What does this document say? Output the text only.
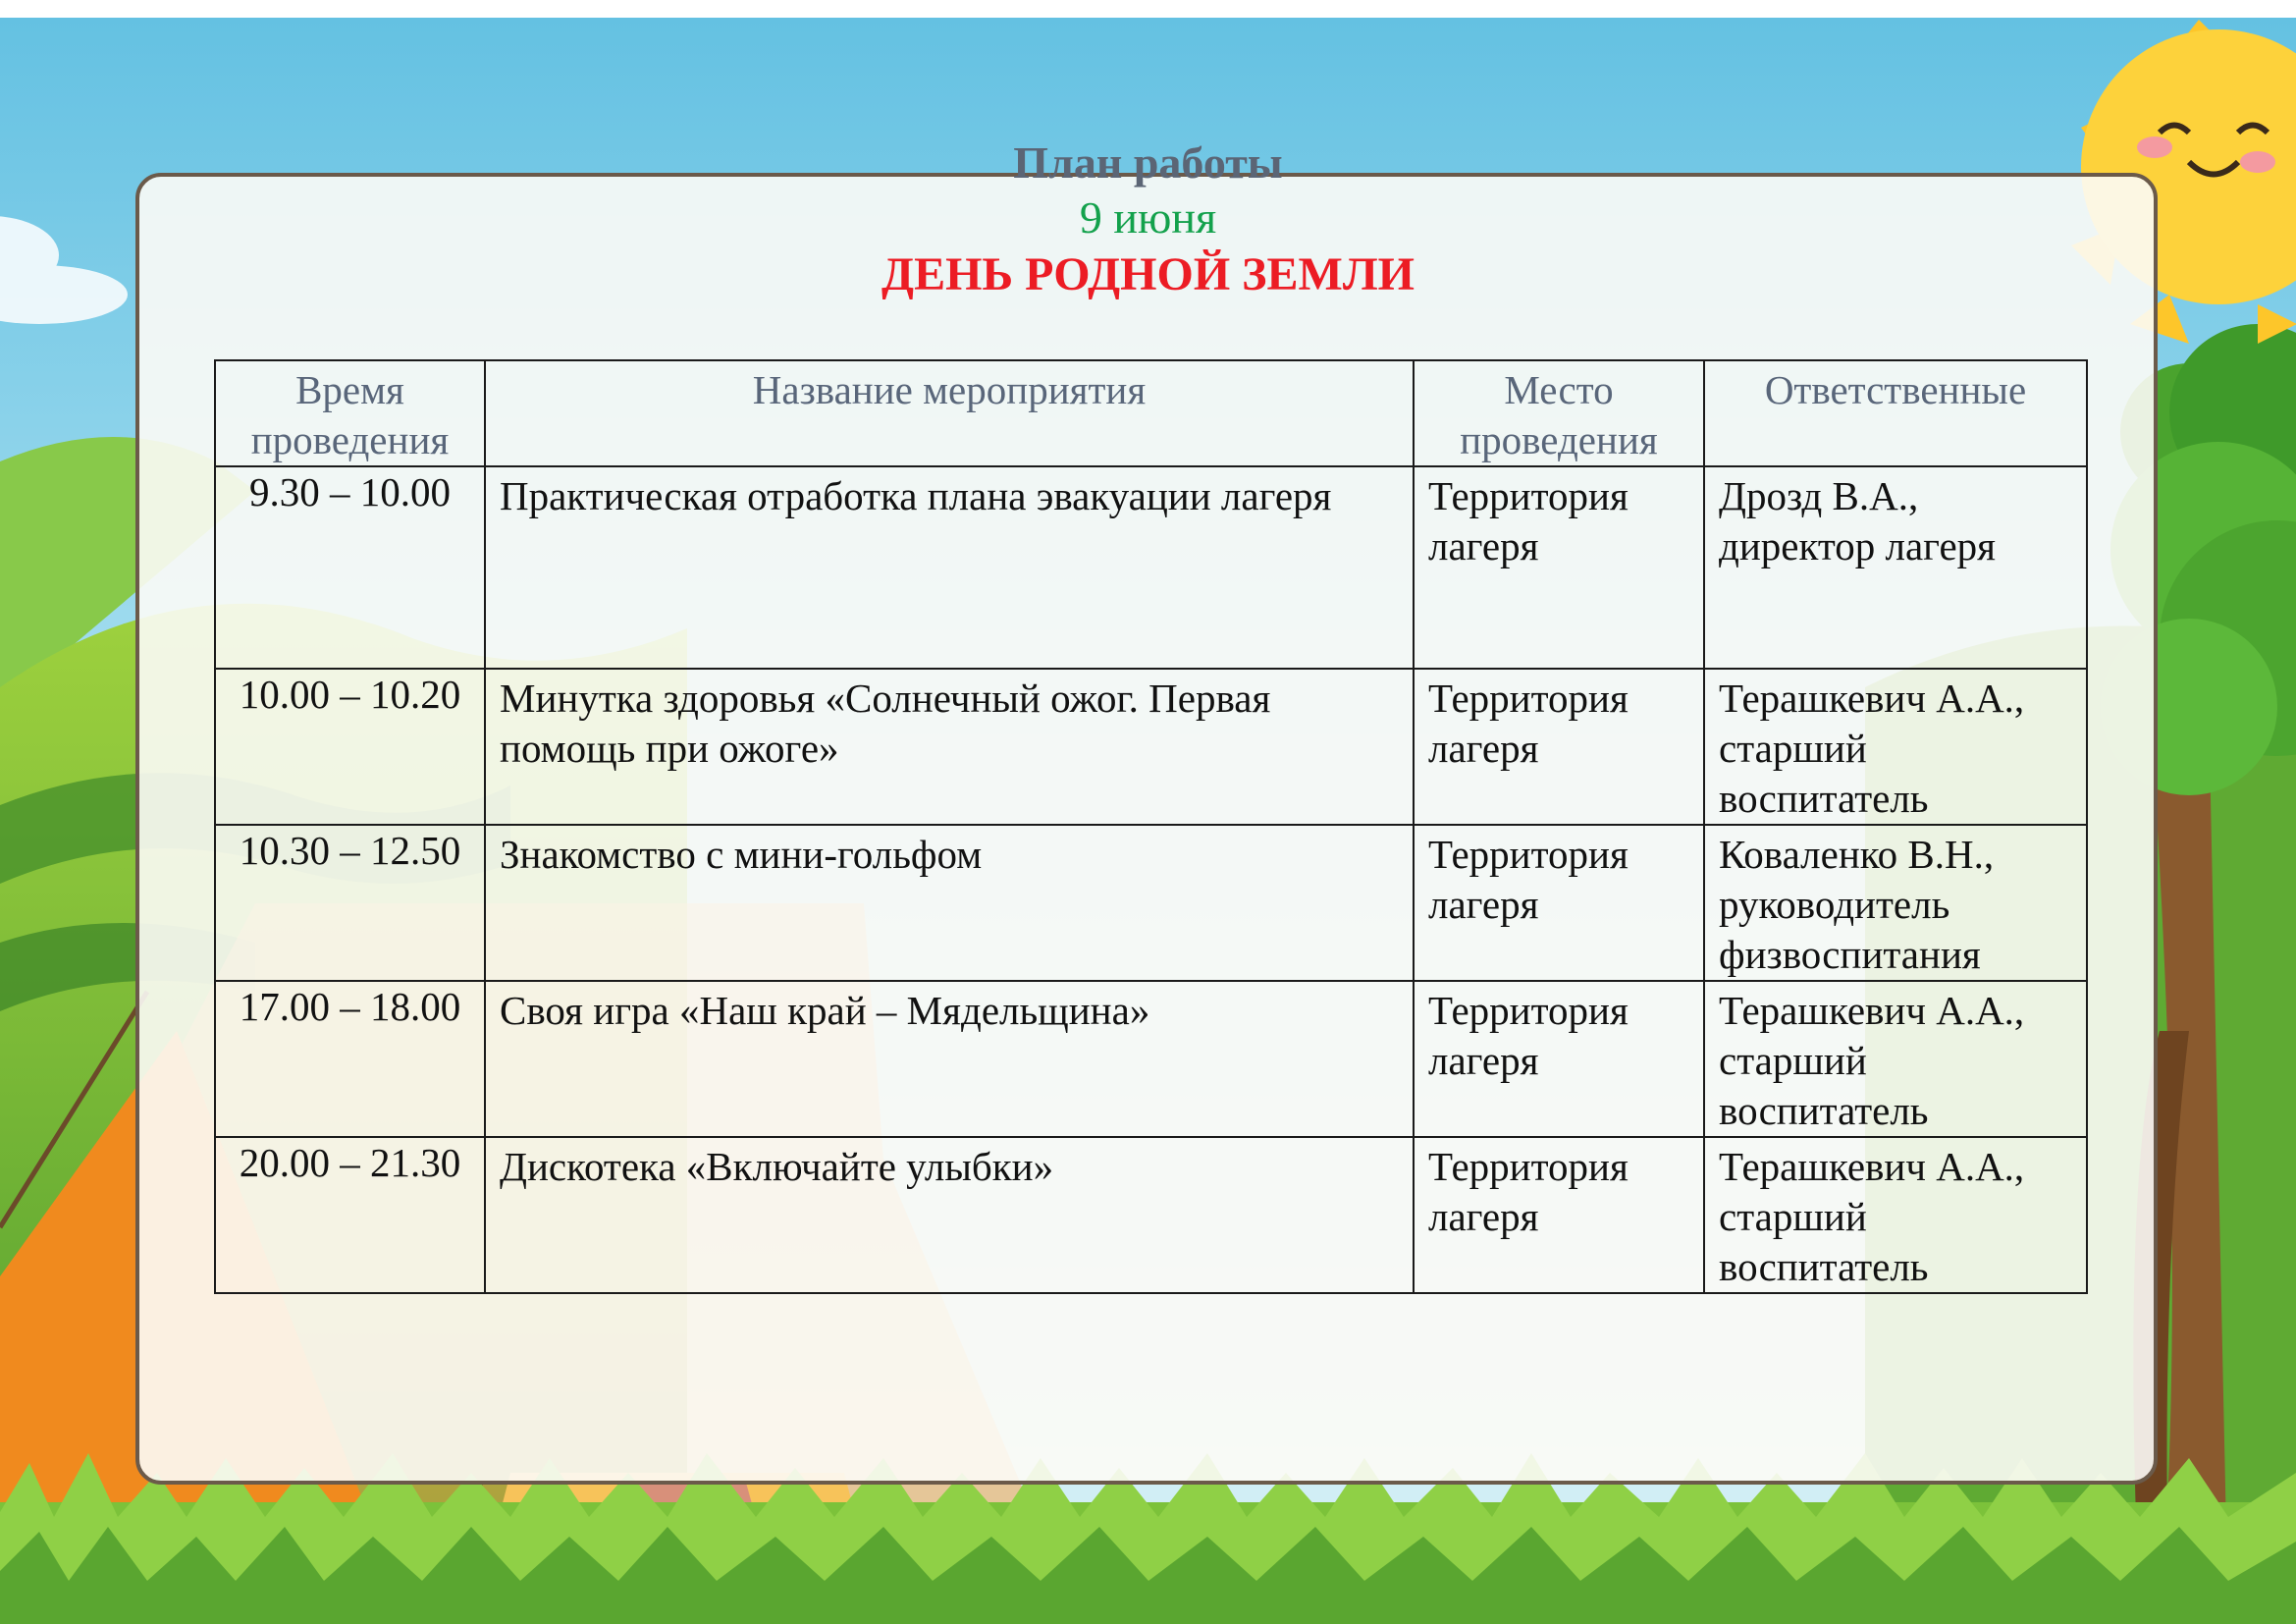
План работы
9 июня
ДЕНЬ РОДНОЙ ЗЕМЛИ
Время проведения	Название мероприятия	Место проведения	Ответственные
9.30 – 10.00	Практическая отработка плана эвакуации лагеря	Территория лагеря	Дрозд В.А., директор лагеря
10.00 – 10.20	Минутка здоровья «Солнечный ожог. Первая помощь при ожоге»	Территория лагеря	Терашкевич А.А., старший воспитатель
10.30 – 12.50	Знакомство с мини-гольфом	Территория лагеря	Коваленко В.Н., руководитель физвоспитания
17.00 – 18.00	Своя игра «Наш край – Мядельщина»	Территория лагеря	Терашкевич А.А., старший воспитатель
20.00 – 21.30	Дискотека «Включайте улыбки»	Территория лагеря	Терашкевич А.А., старший воспитатель
